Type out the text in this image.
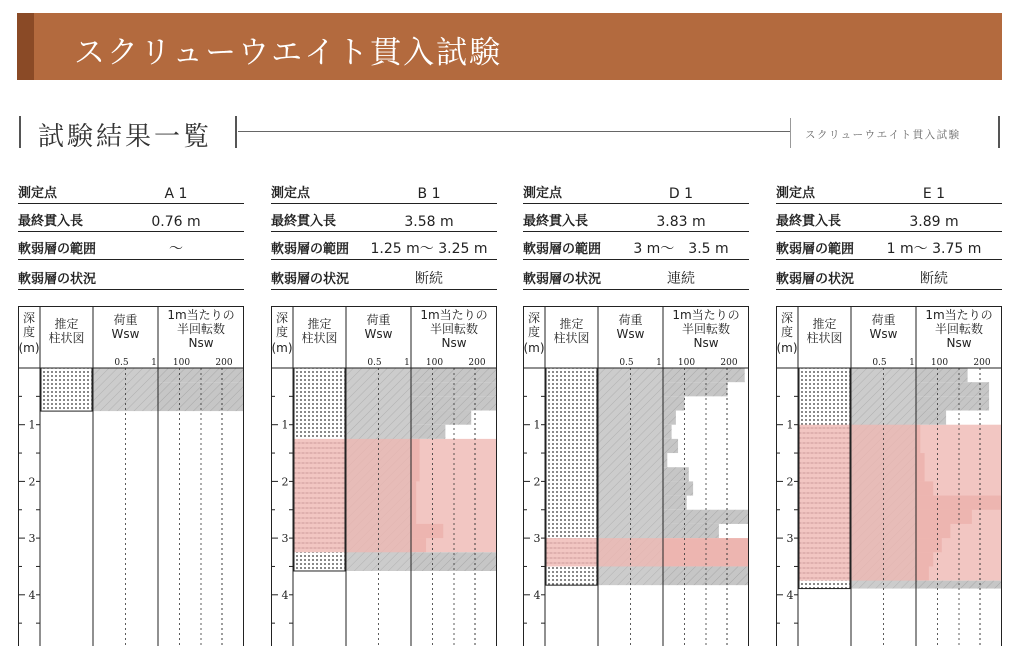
スクリューウエイト貫入試験
試験結果一覧	スクリューウエイト貫入試験
測定点	A 1
最終貫入長	0.76 m
軟弱層の範囲	～
軟弱層の状況
深
度
(m)
推定
柱状図
荷重
Wsw
1m当たりの
半回転数
Nsw
0.5 1 100	200
1
2
3
4
測定点	B 1
最終貫入長	3.58 m
軟弱層の範囲	1.25 m～ 3.25 m
軟弱層の状況	断続
深
度
(m)
推定
柱状図
荷重
Wsw
1m当たりの
半回転数
Nsw
0.5 1 100	200
1
2
3
4
測定点	D 1
最終貫入長	3.83 m
軟弱層の範囲	3 m～　3.5 m
軟弱層の状況	連続
深
度
(m)
推定
柱状図
荷重
Wsw
1m当たりの
半回転数
Nsw
0.5 1 100	200
1
2
3
4
測定点	E 1
最終貫入長	3.89 m
軟弱層の範囲	1 m～ 3.75 m
軟弱層の状況	断続
深
度
(m)
推定
柱状図
荷重
Wsw
1m当たりの
半回転数
Nsw
0.5 1 100	200
1
2
3
4
